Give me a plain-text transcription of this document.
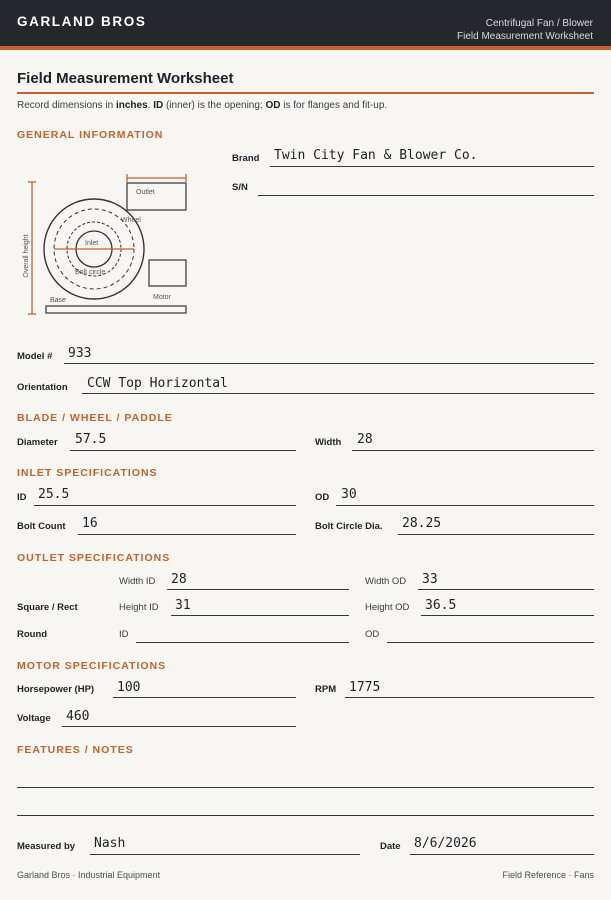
GARLAND BROS	Centrifugal Fan / Blower
Field Measurement Worksheet
Field Measurement Worksheet
Record dimensions in inches. ID (inner) is the opening; OD is for flanges and fit-up.
GENERAL INFORMATION
Overall height
Outlet
Wheel
Inlet
Bolt circle
Motor
Base
Brand Twin City Fan & Blower Co.
S/N
Model # 933
Orientation CCW Top Horizontal
BLADE / WHEEL / PADDLE
Diameter 57.5	Width 28
INLET SPECIFICATIONS
ID 25.5	OD 30
Bolt Count 16	Bolt Circle Dia. 28.25
OUTLET SPECIFICATIONS
Width ID 28	Width OD 33
Square / Rect	Height ID 31	Height OD 36.5
Round	ID	OD
MOTOR SPECIFICATIONS
Horsepower (HP) 100	RPM 1775
Voltage 460
FEATURES / NOTES
Measured by Nash	Date 8/6/2026
Garland Bros · Industrial Equipment	Field Reference · Fans
